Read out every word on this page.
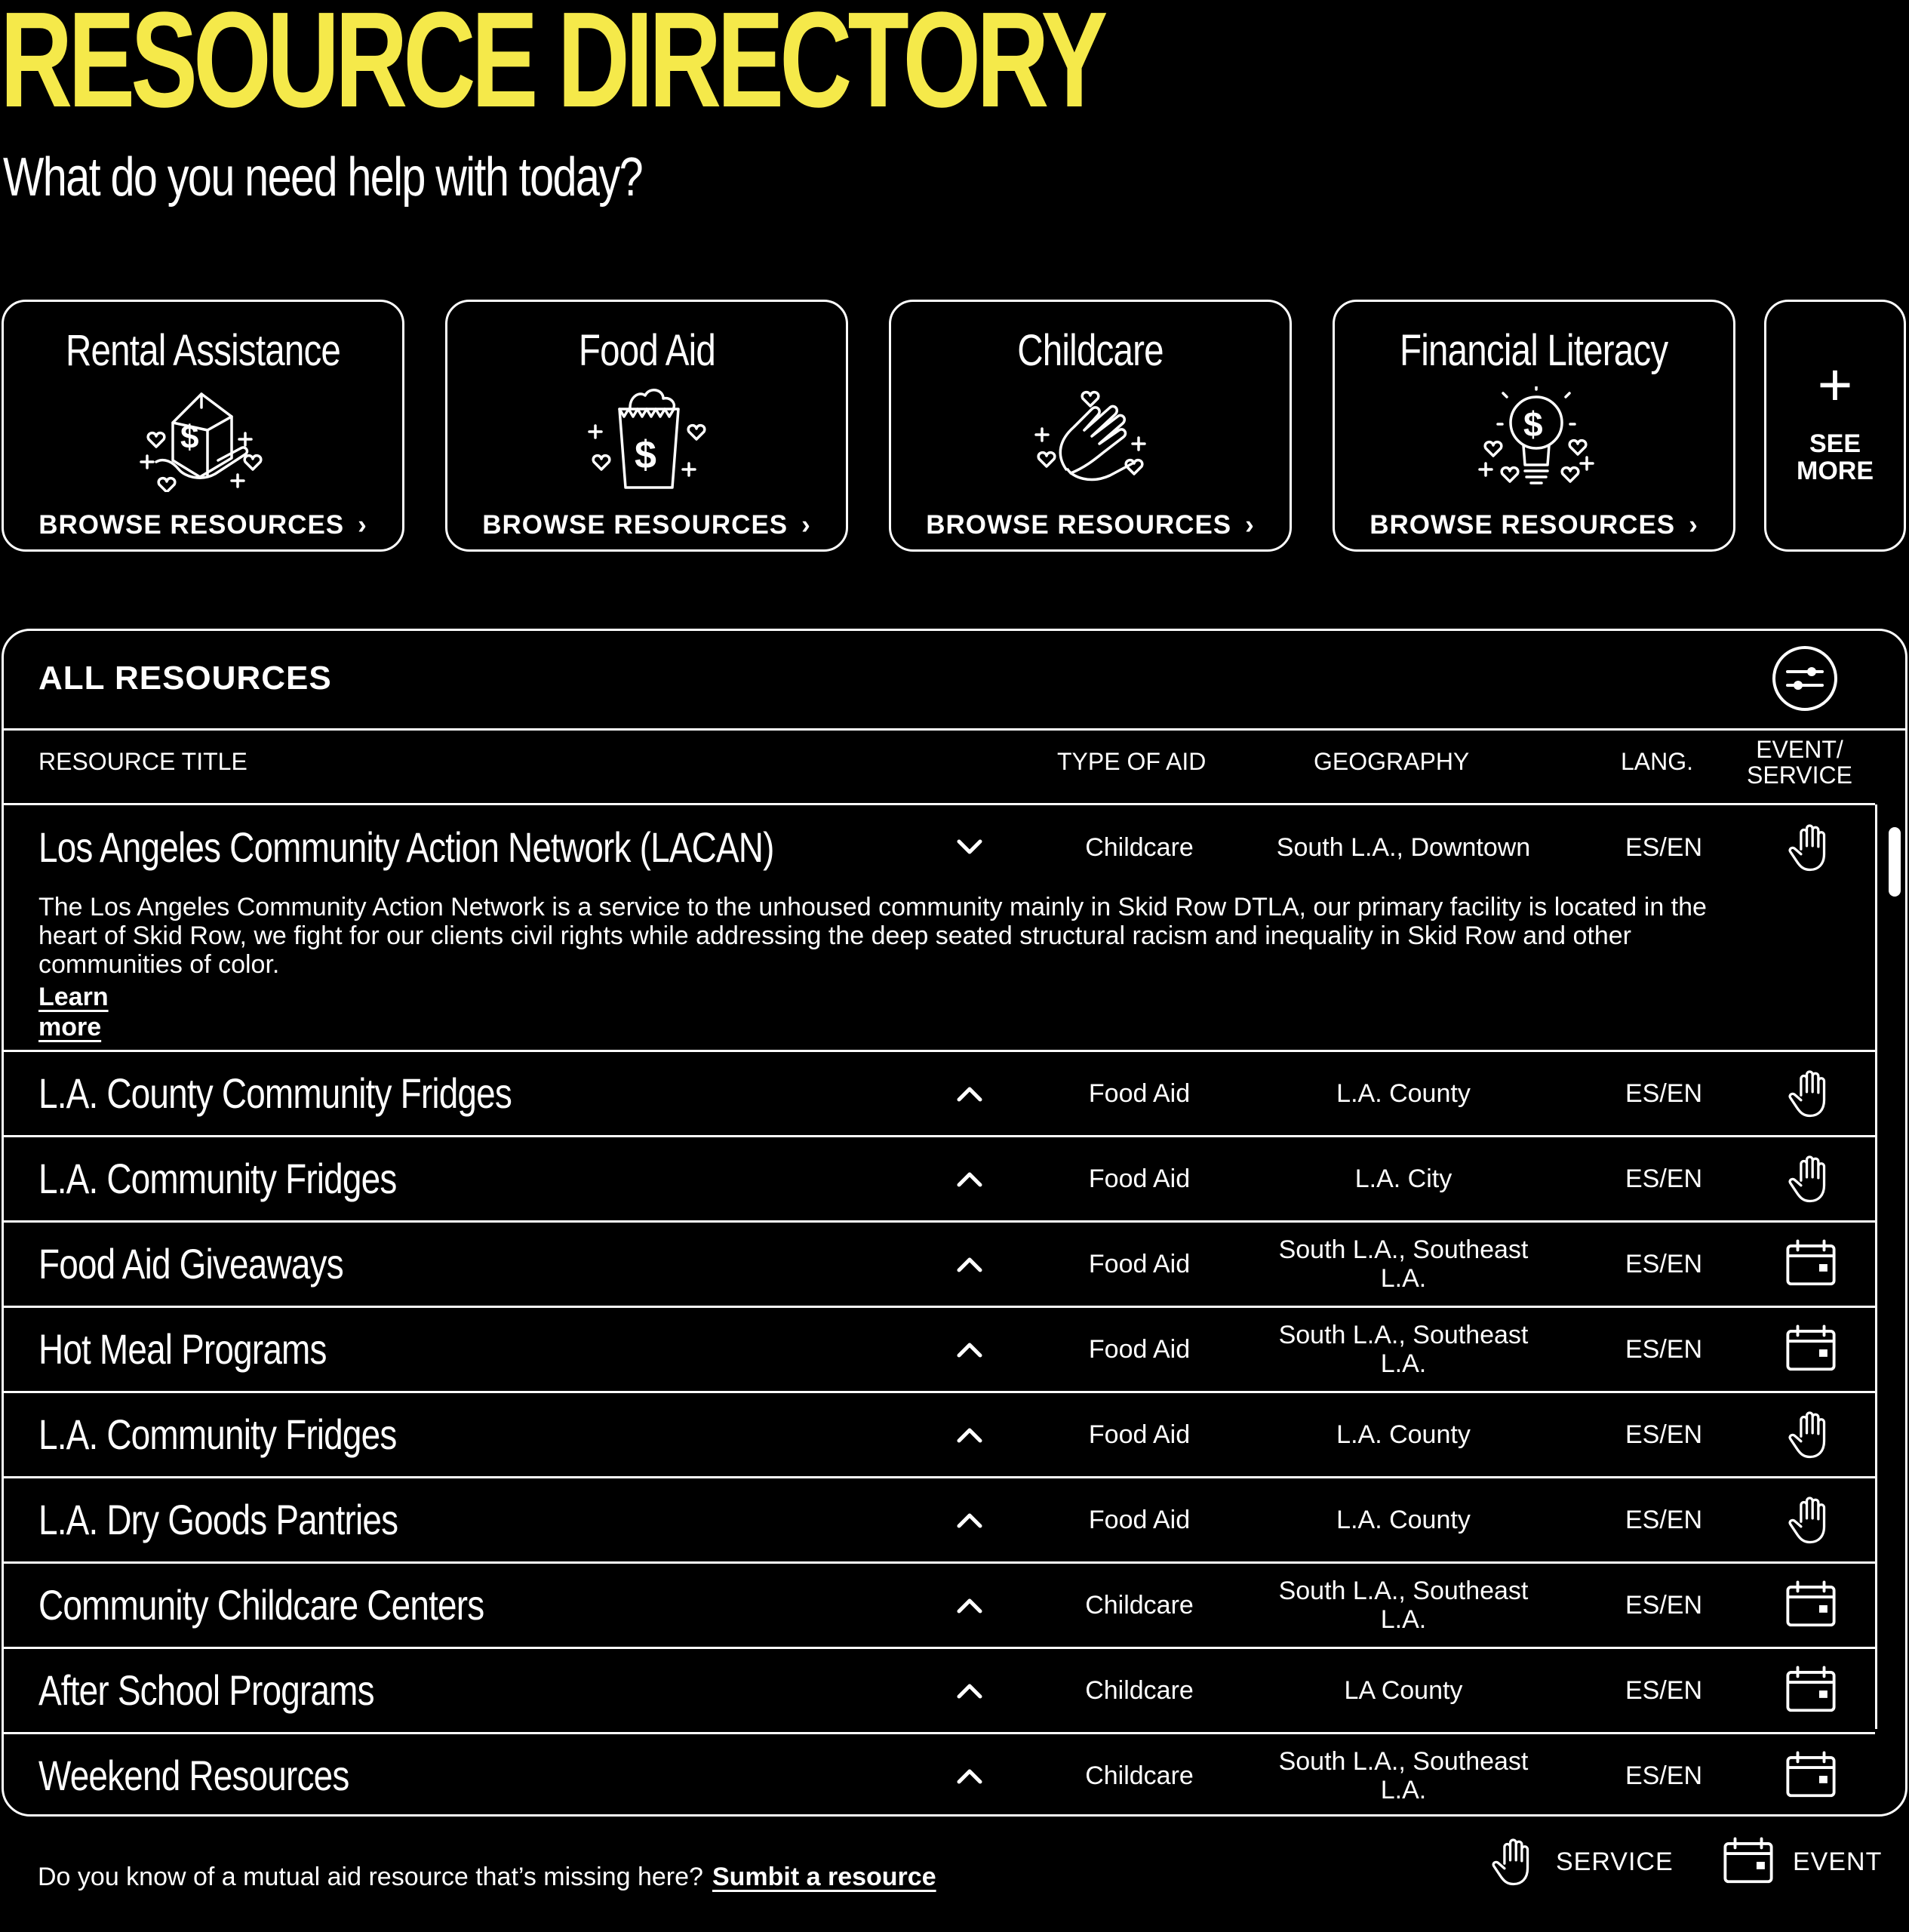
RESOURCE DIRECTORY

What do you need help with today?

Rental Assistance
$
BROWSE RESOURCES ›
Food Aid
$
BROWSE RESOURCES ›
Childcare
BROWSE RESOURCES ›
Financial Literacy
$
BROWSE RESOURCES ›
+
SEE MORE
ALL RESOURCES
RESOURCE TITLE	TYPE OF AID	GEOGRAPHY	LANG.	EVENT/ SERVICE
Los Angeles Community Action Network (LACAN)	Childcare	South L.A., Downtown	ES/EN
The Los Angeles Community Action Network is a service to the unhoused community mainly in Skid Row DTLA, our primary facility is located in the heart of Skid Row, we fight for our clients civil rights while addressing the deep seated structural racism and inequality in Skid Row and other communities of color.
Learn more
L.A. County Community Fridges	Food Aid	L.A. County	ES/EN
L.A. Community Fridges	Food Aid	L.A. City	ES/EN
Food Aid Giveaways	Food Aid	South L.A., Southeast L.A.	ES/EN
Hot Meal Programs	Food Aid	South L.A., Southeast L.A.	ES/EN
L.A. Community Fridges	Food Aid	L.A. County	ES/EN
L.A. Dry Goods Pantries	Food Aid	L.A. County	ES/EN
Community Childcare Centers	Childcare	South L.A., Southeast L.A.	ES/EN
After School Programs	Childcare	LA County	ES/EN
Weekend Resources	Childcare	South L.A., Southeast L.A.	ES/EN
Do you know of a mutual aid resource that’s missing here? Sumbit a resource
SERVICE	EVENT
